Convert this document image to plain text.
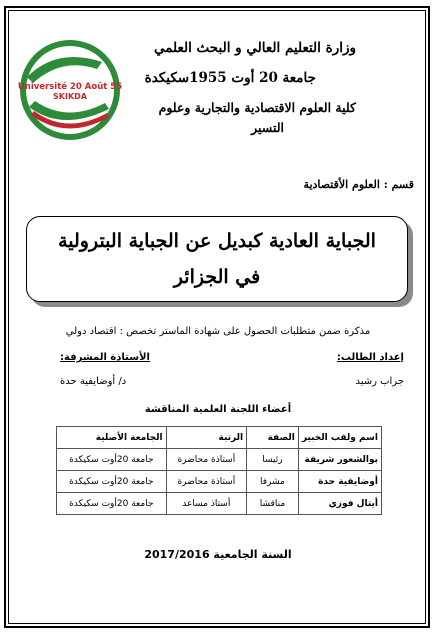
Université 20 Août 55
SKIKDA
وزارة التعليم العالي و البحث العلمي
جامعة 20 أوت 1955سكيكدة
كلية العلوم الاقتصادية والتجارية وعلوم
التسير
قسم : العلوم الأقتصادية
الجباية العادية كبديل عن الجباية البترولية في الجزائر
مذكرة ضمن متطلبات الحصول على شهادة الماستر تخصص : اقتصاد دولي
إعداد الطالب:
الأستاذة المشرفة:
جراب رشيد
د/ أوضايفية حدة
أعضاء اللجنة العلمية المناقشة
اسم ولقب الخبير	الصفة	الرتبة	الجامعة الأصلية
بوالشعور شريفة	رئيسا	أستاذة محاضرة	جامعة 20أوت سكيكدة
أوضايفية حدة	مشرفا	أستاذة محاضرة	جامعة 20أوت سكيكدة
أيتال فوزي	مناقشا	أستاذ مساعد	جامعة 20أوت سكيكدة
السنة الجامعية 2017/2016
